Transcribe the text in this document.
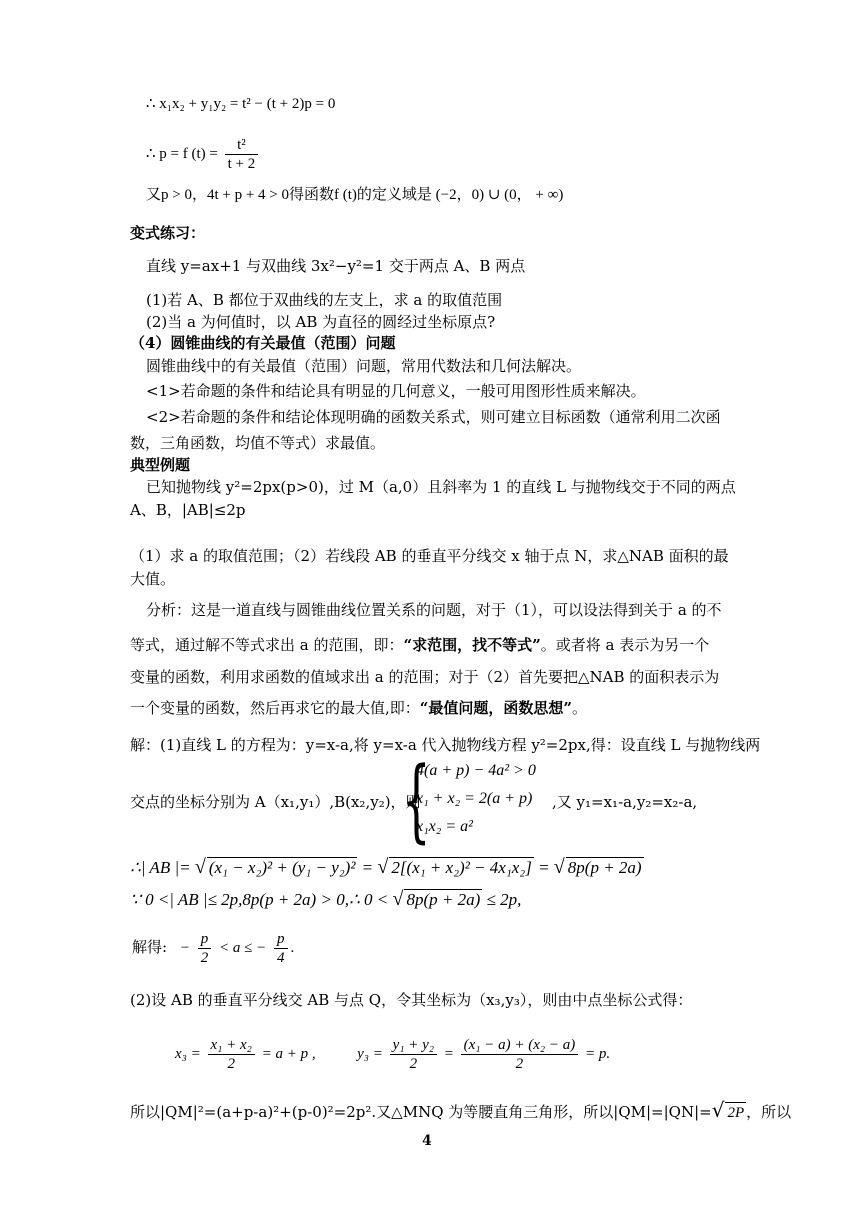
∴ x₁x₂ + y₁y₂ = t² − (t + 2)p = 0
∴ p = f $(t) = \frac{\text{t²}}{t + 2}$
又p > 0，4t + p + 4 > 0得函数f (t)的定义域是 (−2，0) ∪ (0， + ∞)
变式练习：
直线 y=ax+1 与双曲线 3x²−y²=1 交于两点 A、B 两点
(1)若 A、B 都位于双曲线的左支上，求 a 的取值范围
(2)当 a 为何值时，以 AB 为直径的圆经过坐标原点?
（4）圆锥曲线的有关最值（范围）问题
圆锥曲线中的有关最值（范围）问题，常用代数法和几何法解决。
<1>若命题的条件和结论具有明显的几何意义，一般可用图形性质来解决。
<2>若命题的条件和结论体现明确的函数关系式，则可建立目标函数（通常利用二次函
数，三角函数，均值不等式）求最值。
典型例题
已知抛物线 y²=2px(p>0)，过 M（a,0）且斜率为 1 的直线 L 与抛物线交于不同的两点
A、B，|AB|≤2p
（1）求 a 的取值范围；（2）若线段 AB 的垂直平分线交 x 轴于点 N，求△NAB 面积的最
大值。
分析：这是一道直线与圆锥曲线位置关系的问题，对于（1），可以设法得到关于 a 的不
等式，通过解不等式求出 a 的范围，即：“求范围，找不等式”。或者将 a 表示为另一个
变量的函数，利用求函数的值域求出 a 的范围；对于（2）首先要把△NAB 的面积表示为
一个变量的函数，然后再求它的最大值,即：“最值问题，函数思想”。
解：(1)直线 L 的方程为：y=x-a,将 y=x-a 代入抛物线方程 y²=2px,得：设直线 L 与抛物线两
交点的坐标分别为 A（x₁,y₁）,B(x₂,y₂)，则
{
4(a + p) − 4a² > 0
x₁ + x₂ = 2(a + p)
x₁x₂ = a²
,又 y₁=x₁-a,y₂=x₂-a,
∴| AB |= √ (x₁ − x₂)² + (y₁ − y₂)² = √ 2[(x₁ + x₂)² − 4x₁x₂] = √ 8p(p + 2a)
∵ 0 <| AB |≤ 2p,8p(p + 2a) > 0,∴ 0 < √ 8p(p + 2a) ≤ 2p,
解得: − $\frac{p}{2} < a$ ≤ − $\frac{p}{4}$ .
(2)设 AB 的垂直平分线交 AB 与点 Q，令其坐标为（x₃,y₃），则由中点坐标公式得：
$x_3 = \frac{\text{x₁ + x₂}}{2} = a + p$ ,	$y_3 = \frac{\text{y₁ + y₂}}{2} = \frac{\text{(x₁ − a) + (x₂ − a)}}{2} = p$.
所以|QM|²=(a+p-a)²+(p-0)²=2p².又△MNQ 为等腰直角三角形，所以|QM|=|QN|=√ 2P ，所以
4
